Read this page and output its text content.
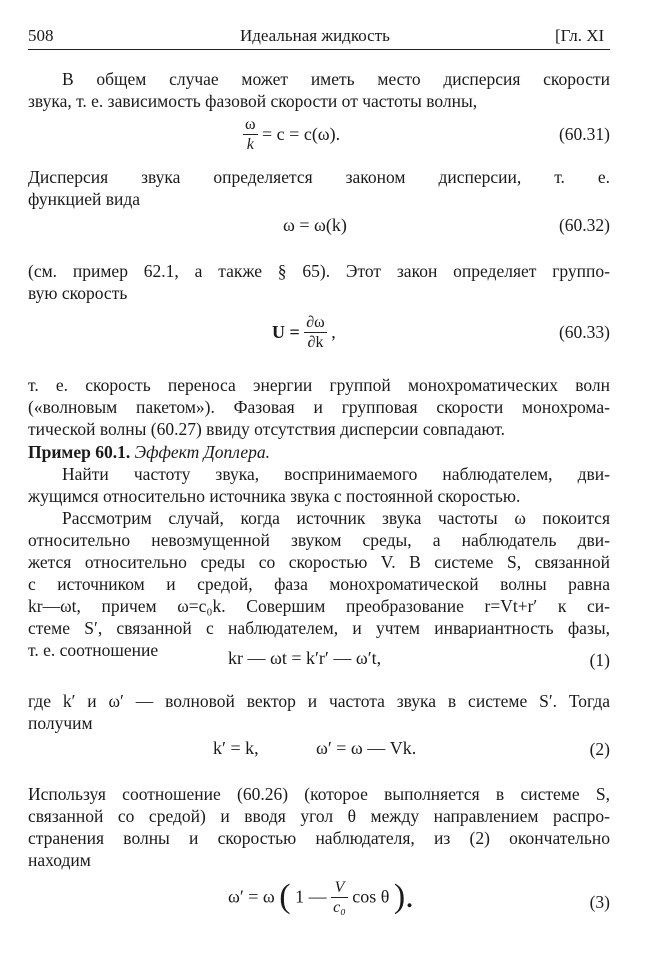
508	Идеальная жидкость	[Гл. XI
В общем случае может иметь место дисперсия скорости
звука, т. е. зависимость фазовой скорости от частоты волны,
$\frac{\omega}{k} = c = c(\omega)$.	(60.31)
Дисперсия звука определяется законом дисперсии, т. е.
функцией вида
ω = ω(k)	(60.32)
(см. пример 62.1, а также § 65). Этот закон определяет группо-
вую скорость
$U = \frac{\partial\omega}{\partial k}$ ,	(60.33)
т. е. скорость переноса энергии группой монохроматических волн
(«волновым пакетом»). Фазовая и групповая скорости монохрома-
тической волны (60.27) ввиду отсутствия дисперсии совпадают.
Пример 60.1. Эффект Доплера.
Найти частоту звука, воспринимаемого наблюдателем, дви-
жущимся относительно источника звука с постоянной скоростью.
Рассмотрим случай, когда источник звука частоты ω покоится
относительно невозмущенной звуком среды, а наблюдатель дви-
жется относительно среды со скоростью V. В системе S, связанной
с источником и средой, фаза монохроматической волны равна
kr—ωt, причем ω=c₀k. Совершим преобразование r=Vt+r′ к си-
стеме S′, связанной с наблюдателем, и учтем инвариантность фазы,
т. е. соотношение	kr — ωt = k′r′ — ω′t,	(1)
где k′ и ω′ — волновой вектор и частота звука в системе S′. Тогда
получим
k′ = k,	ω′ = ω — Vk.	(2)
Используя соотношение (60.26) (которое выполняется в системе S,
связанной со средой) и вводя угол θ между направлением распро-
странения волны и скоростью наблюдателя, из (2) окончательно
находим
ω′ = ω ( 1 — $\frac{V}{\text{c₀}}$ cos θ ).	(3)
